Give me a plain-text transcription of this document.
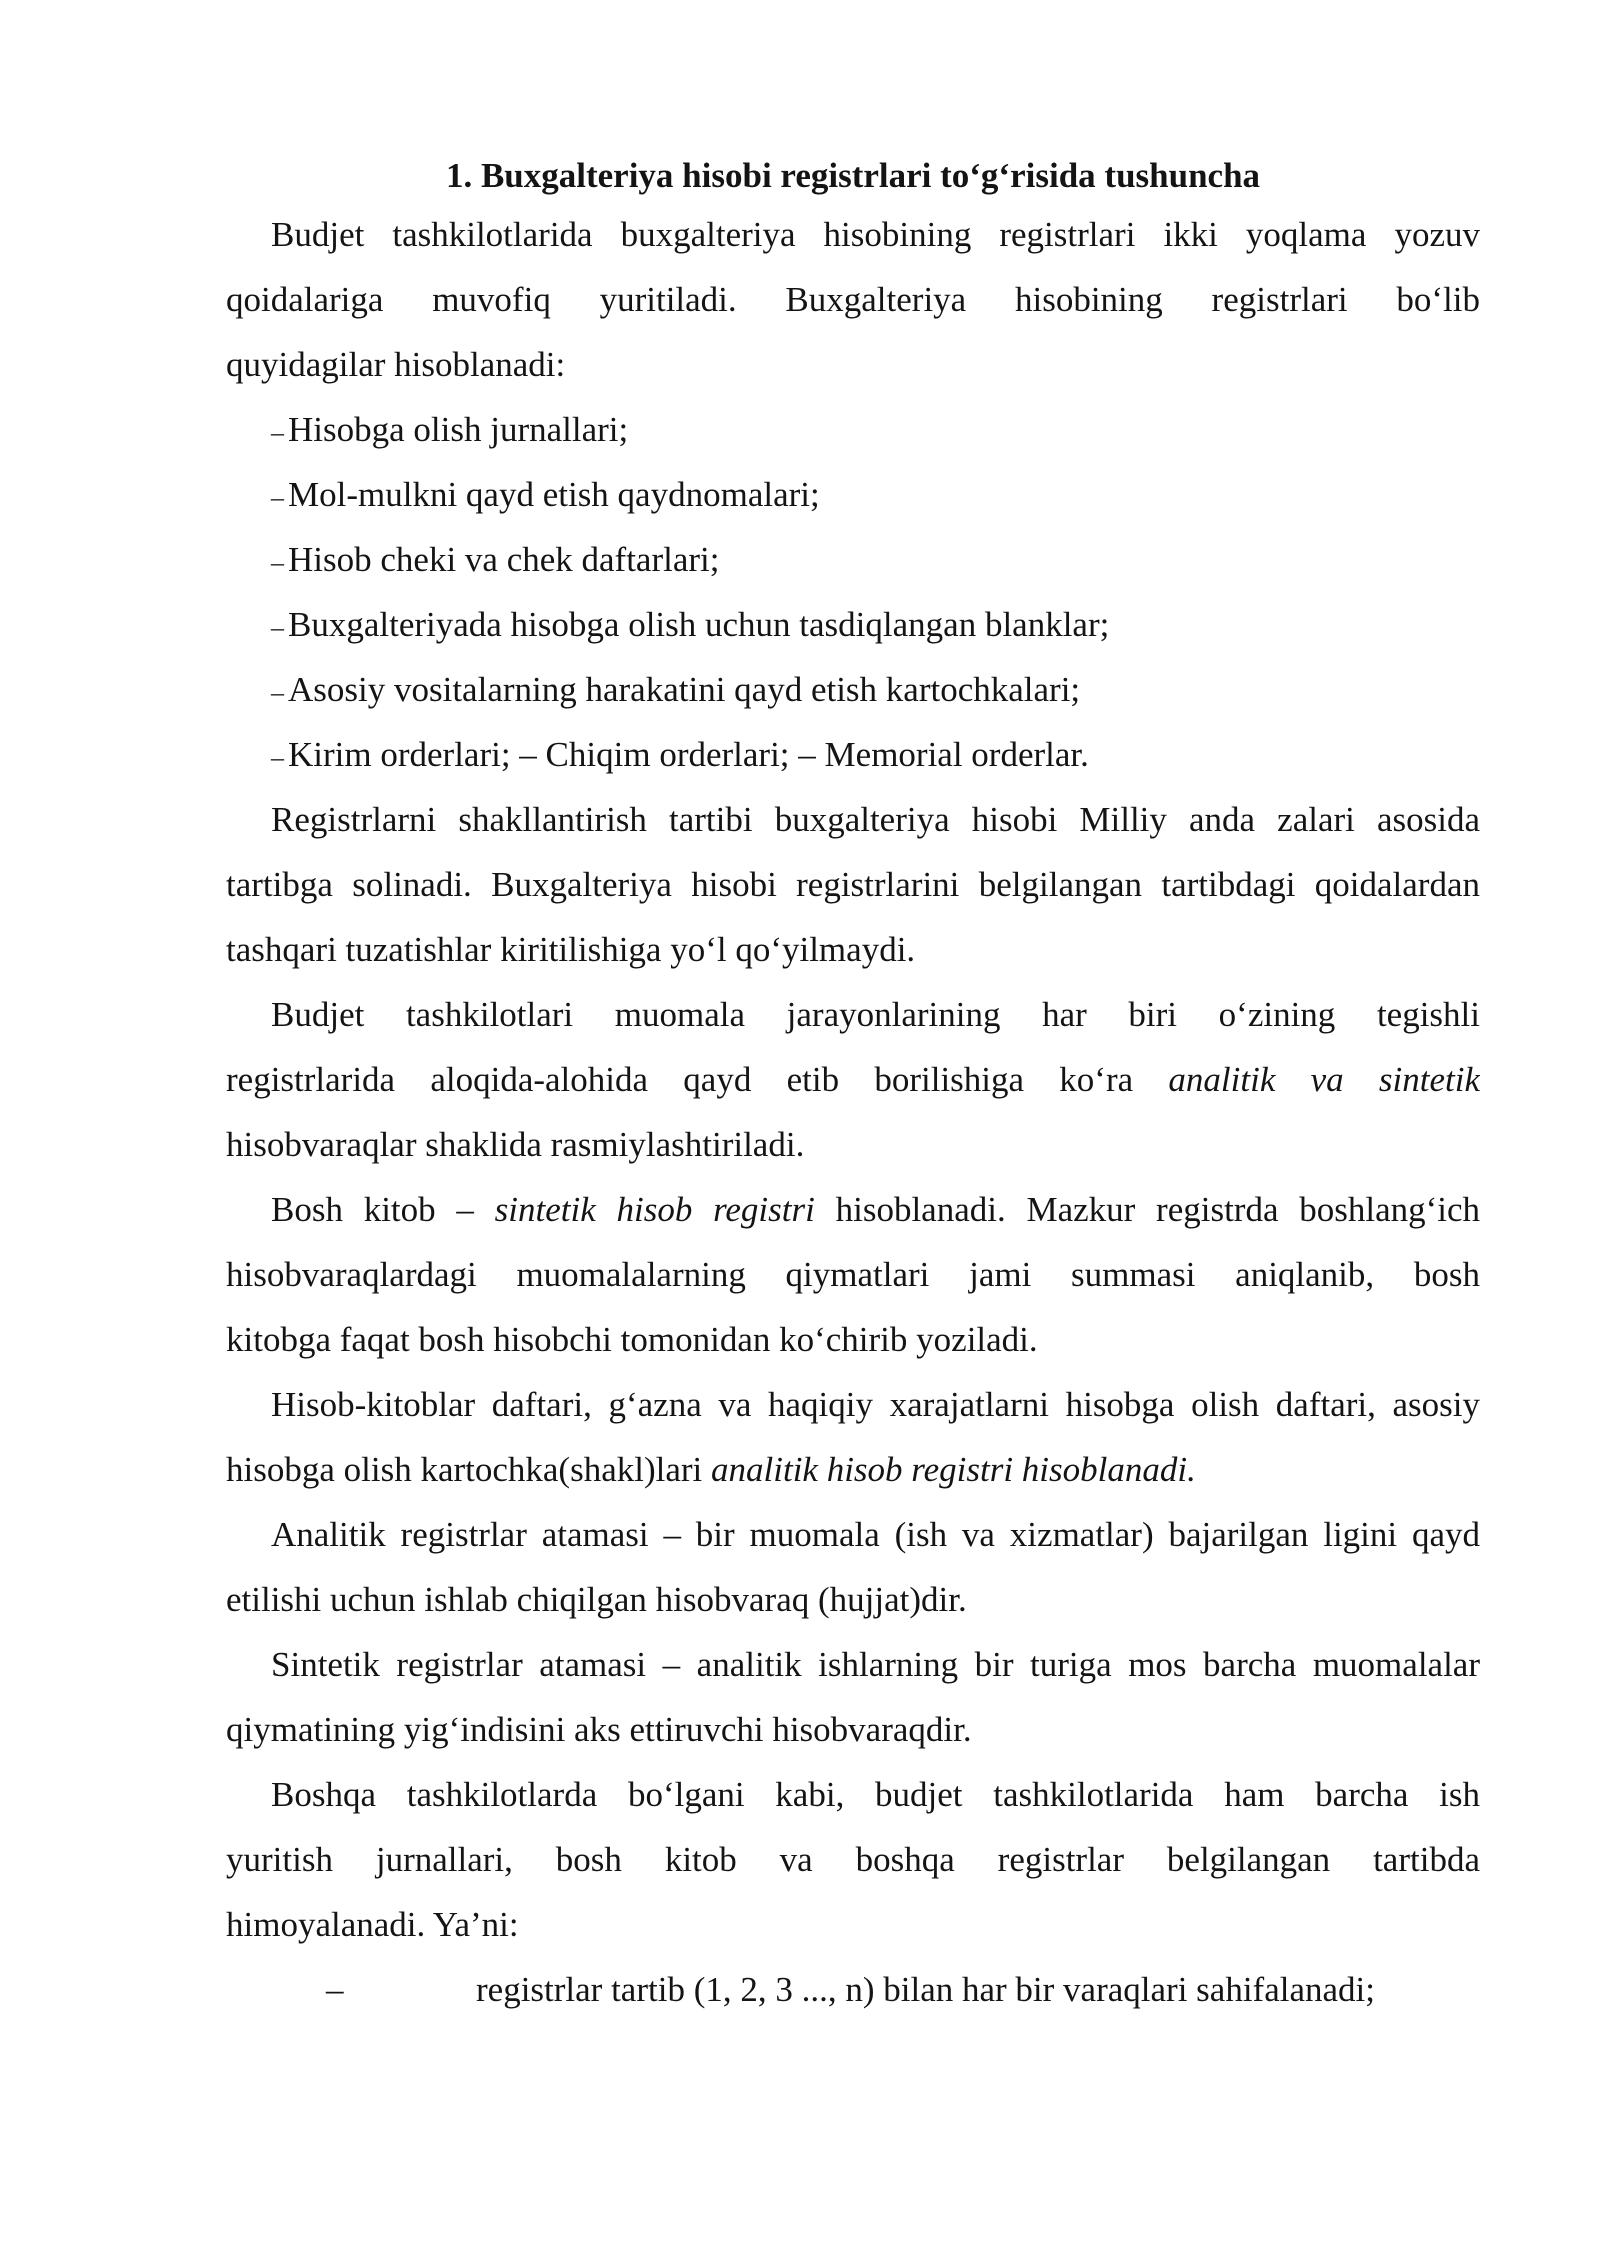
1. Buxgalteriya hisobi registrlari to‘g‘risida tushuncha
Budjet tashkilotlarida buxgalteriya hisobining registrlari ikki yoqlama yozuv
qoidalariga muvofiq yuritiladi. Buxgalteriya hisobining registrlari bo‘lib
quyidagilar hisoblanadi:
– Hisobga olish jurnallari;
– Mol-mulkni qayd etish qaydnomalari;
– Hisob cheki va chek daftarlari;
– Buxgalteriyada hisobga olish uchun tasdiqlangan blanklar;
– Asosiy vositalarning harakatini qayd etish kartochkalari;
– Kirim orderlari; – Chiqim orderlari; – Memorial orderlar.
Registrlarni shakllantirish tartibi buxgalteriya hisobi Milliy anda zalari asosida
tartibga solinadi. Buxgalteriya hisobi registrlarini belgilangan tartibdagi qoidalardan
tashqari tuzatishlar kiritilishiga yo‘l qo‘yilmaydi.
Budjet tashkilotlari muomala jarayonlarining har biri o‘zining tegishli
registrlarida aloqida-alohida qayd etib borilishiga ko‘ra analitik va sintetik
hisobvaraqlar shaklida rasmiylashtiriladi.
Bosh kitob – sintetik hisob registri hisoblanadi. Mazkur registrda boshlang‘ich
hisobvaraqlardagi muomalalarning qiymatlari jami summasi aniqlanib, bosh
kitobga faqat bosh hisobchi tomonidan ko‘chirib yoziladi.
Hisob-kitoblar daftari, g‘azna va haqiqiy xarajatlarni hisobga olish daftari, asosiy
hisobga olish kartochka(shakl)lari analitik hisob registri hisoblanadi.
Analitik registrlar atamasi – bir muomala (ish va xizmatlar) bajarilgan ligini qayd
etilishi uchun ishlab chiqilgan hisobvaraq (hujjat)dir.
Sintetik registrlar atamasi – analitik ishlarning bir turiga mos barcha muomalalar
qiymatining yig‘indisini aks ettiruvchi hisobvaraqdir.
Boshqa tashkilotlarda bo‘lgani kabi, budjet tashkilotlarida ham barcha ish
yuritish jurnallari, bosh kitob va boshqa registrlar belgilangan tartibda
himoyalanadi. Ya’ni:
–	registrlar tartib (1, 2, 3 ..., n) bilan har bir varaqlari sahifalanadi;
